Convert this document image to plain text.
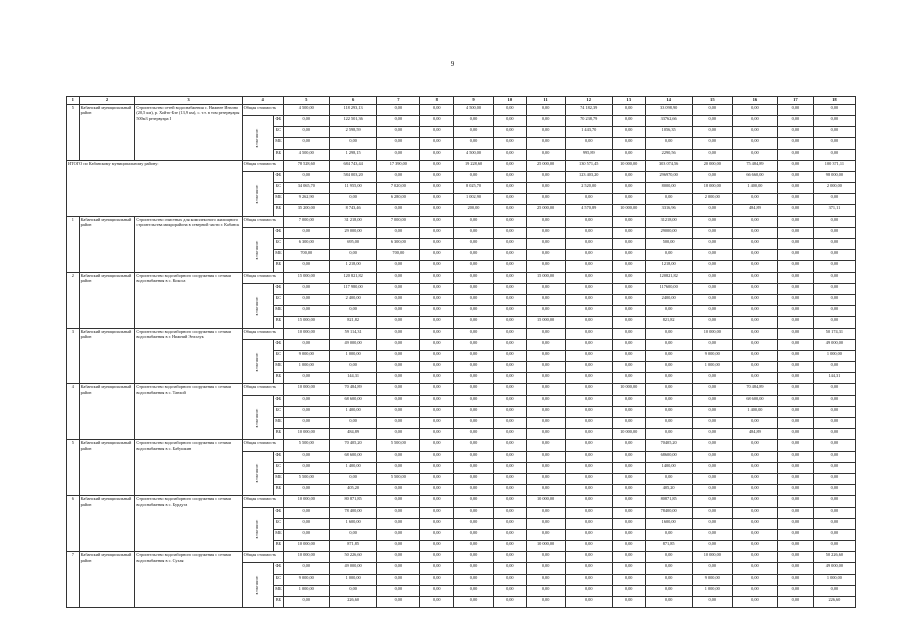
9
1	2	3	4		5	6	7	8	9	10	11	12	13	14	15	16	17	18
5	Кабанский муниципальный район	Строительство сетей водоснабжения с. Нижнее Инхэно (20,5 км), р. Хойто-Бэе (13,9 км), с. т.т. в том резервуары 500м3 резервуара I	Общая стоимость		4 500,00	118 293,13	0,00	0,00	4 500,00	0,00	0,00	74 182,39	0,00	33 098,90	0,00	0,00	0,00	0,00

			в том числе:	ФБ	0,00	122 501,36	0,00	0,00	0,00	0,00	0,00	70 238,79	0,00	33762,66	0,00	0,00	0,00	0,00
				БС	0,00	2 598,59	0,00	0,00	0,00	0,00	0,00	1 443,70	0,00	1056,35	0,00	0,00	0,00	0,00
				МБ	0,00	0,00	0,00	0,00	0,00	0,00	0,00	0,00	0,00	0,00	0,00	0,00	0,00	0,00
				ВБ	4 500,00	1 298,15	0,00	0,00	4 500,00	0,00	0,00	995,89	0,00	2290,56	0,00	0,00	0,00	0,00
ИТОГО по Кабанскому муниципальному району:			Общая стоимость		78 528,60	684 743,44	17 390,00	0,00	19 228,60	0,00	25 000,00	130 571,45	10 000,00	303 074,56	20 000,00	75 484,89	0,00	100 371,11

			в том числе:	ФБ	0,00	584 003,20	0,00	0,00	0,00	0,00	0,00	123 403,20	0,00	296970,00	0,00	66 660,00	0,00	98 000,00
				БС	34 065,70	11 955,00	7 020,00	0,00	8 025,70	0,00	0,00	2 520,00	0,00	8000,00	18 000,00	1 400,00	0,00	2 000,00
				МБ	9 262,90	0,00	6 280,00	0,00	1 002,90	0,00	0,00	0,00	0,00	0,00	2 000,00	0,00	0,00	0,00
				ВБ	35 200,00	8 743,46	0,00	0,00	200,00	0,00	25 000,00	4 570,89	10 000,00	3316,96	0,00	484,89	0,00	371,11
1	Кабанский муниципальный район	Строительство очистных для комплексного жилищного строительства микрорайона в северной части г. Кабанск	Общая стоимость		7 000,00	31 218,00	7 000,00	0,00	0,00	0,00	0,00	0,00	0,00	31218,00	0,00	0,00	0,00	0,00

			в том числе:	ФБ	0,00	29 000,00	0,00	0,00	0,00	0,00	0,00	0,00	0,00	29000,00	0,00	0,00	0,00	0,00
				БС	6 300,00	695,00	6 300,00	0,00	0,00	0,00	0,00	0,00	0,00	500,00	0,00	0,00	0,00	0,00
				МБ	700,00	0,00	700,00	0,00	0,00	0,00	0,00	0,00	0,00	0,00	0,00	0,00	0,00	0,00
				ВБ	0,00	1 218,00	0,00	0,00	0,00	0,00	0,00	0,00	0,00	1218,00	0,00	0,00	0,00	0,00
2	Кабанский муниципальный район	Строительство водозаборного сооружения с сетями водоснабжения в с. Кокоса	Общая стоимость		15 000,00	120 821,82	0,00	0,00	0,00	0,00	15 000,00	0,00	0,00	120821,82	0,00	0,00	0,00	0,00

			в том числе:	ФБ	0,00	117 980,00	0,00	0,00	0,00	0,00	0,00	0,00	0,00	117600,00	0,00	0,00	0,00	0,00
				БС	0,00	2 400,00	0,00	0,00	0,00	0,00	0,00	0,00	0,00	2400,00	0,00	0,00	0,00	0,00
				МБ	0,00	0,00	0,00	0,00	0,00	0,00	0,00	0,00	0,00	0,00	0,00	0,00	0,00	0,00
				ВБ	15 000,00	821,82	0,00	0,00	0,00	0,00	15 000,00	0,00	0,00	821,82	0,00	0,00	0,00	0,00
3	Кабанский муниципальный район	Строительство водозаборного сооружения с сетями водоснабжения в г. Нижний Энхэлук	Общая стоимость		10 000,00	59 114,31	0,00	0,00	0,00	0,00	0,00	0,00	0,00	0,00	10 000,00	0,00	0,00	50 174,31

			в том числе:	ФБ	0,00	49 000,00	0,00	0,00	0,00	0,00	0,00	0,00	0,00	0,00	0,00	0,00	0,00	49 000,00
				БС	9 000,00	1 000,00	0,00	0,00	0,00	0,00	0,00	0,00	0,00	0,00	9 000,00	0,00	0,00	1 000,00
				МБ	1 000,00	0,00	0,00	0,00	0,00	0,00	0,00	0,00	0,00	0,00	1 000,00	0,00	0,00	0,00
				ВБ	0,00	144,31	0,00	0,00	0,00	0,00	0,00	0,00	0,00	0,00	0,00	0,00	0,00	144,31
4	Кабанский муниципальный район	Строительство водозаборного сооружения с сетями водоснабжения в с. Танхой	Общая стоимость		10 000,00	70 484,89	0,00	0,00	0,00	0,00	0,00	0,00	10 000,00	0,00	0,00	70 484,89	0,00	0,00

			в том числе:	ФБ	0,00	68 600,00	0,00	0,00	0,00	0,00	0,00	0,00	0,00	0,00	0,00	68 600,00	0,00	0,00
				БС	0,00	1 400,00	0,00	0,00	0,00	0,00	0,00	0,00	0,00	0,00	0,00	1 400,00	0,00	0,00
				МБ	0,00	0,00	0,00	0,00	0,00	0,00	0,00	0,00	0,00	0,00	0,00	0,00	0,00	0,00
				ВБ	10 000,00	484,89	0,00	0,00	0,00	0,00	0,00	0,00	10 000,00	0,00	0,00	484,89	0,00	0,00
5	Кабанский муниципальный район	Строительство водозаборного сооружения с сетями водоснабжения в с. Бабушкин	Общая стоимость		5 500,00	70 405,20	5 500,00	0,00	0,00	0,00	0,00	0,00	0,00	70405,20	0,00	0,00	0,00	0,00

			в том числе:	ФБ	0,00	68 600,00	0,00	0,00	0,00	0,00	0,00	0,00	0,00	68600,00	0,00	0,00	0,00	0,00
				БС	0,00	1 400,00	0,00	0,00	0,00	0,00	0,00	0,00	0,00	1400,00	0,00	0,00	0,00	0,00
				МБ	5 500,00	0,00	5 500,00	0,00	0,00	0,00	0,00	0,00	0,00	0,00	0,00	0,00	0,00	0,00
				ВБ	0,00	405,20	0,00	0,00	0,00	0,00	0,00	0,00	0,00	405,20	0,00	0,00	0,00	0,00
6	Кабанский муниципальный район	Строительство водозаборного сооружения с сетями водоснабжения в с. Бурдуга	Общая стоимость		10 000,00	80 871,85	0,00	0,00	0,00	0,00	10 000,00	0,00	0,00	80871,85	0,00	0,00	0,00	0,00

			в том числе:	ФБ	0,00	78 400,00	0,00	0,00	0,00	0,00	0,00	0,00	0,00	78400,00	0,00	0,00	0,00	0,00
				БС	0,00	1 600,00	0,00	0,00	0,00	0,00	0,00	0,00	0,00	1600,00	0,00	0,00	0,00	0,00
				МБ	0,00	0,00	0,00	0,00	0,00	0,00	0,00	0,00	0,00	0,00	0,00	0,00	0,00	0,00
				ВБ	10 000,00	871,85	0,00	0,00	0,00	0,00	10 000,00	0,00	0,00	871,85	0,00	0,00	0,00	0,00
7	Кабанский муниципальный район	Строительство водозаборного сооружения с сетями водоснабжения в с. Сухая	Общая стоимость		10 000,00	50 226,60	0,00	0,00	0,00	0,00	0,00	0,00	0,00	0,00	10 000,00	0,00	0,00	50 226,60

			в том числе:	ФБ	0,00	49 000,00	0,00	0,00	0,00	0,00	0,00	0,00	0,00	0,00	0,00	0,00	0,00	49 000,00
				БС	9 000,00	1 000,00	0,00	0,00	0,00	0,00	0,00	0,00	0,00	0,00	9 000,00	0,00	0,00	1 000,00
				МБ	1 000,00	0,00	0,00	0,00	0,00	0,00	0,00	0,00	0,00	0,00	1 000,00	0,00	0,00	0,00
				ВБ	0,00	226,60	0,00	0,00	0,00	0,00	0,00	0,00	0,00	0,00	0,00	0,00	0,00	226,60
